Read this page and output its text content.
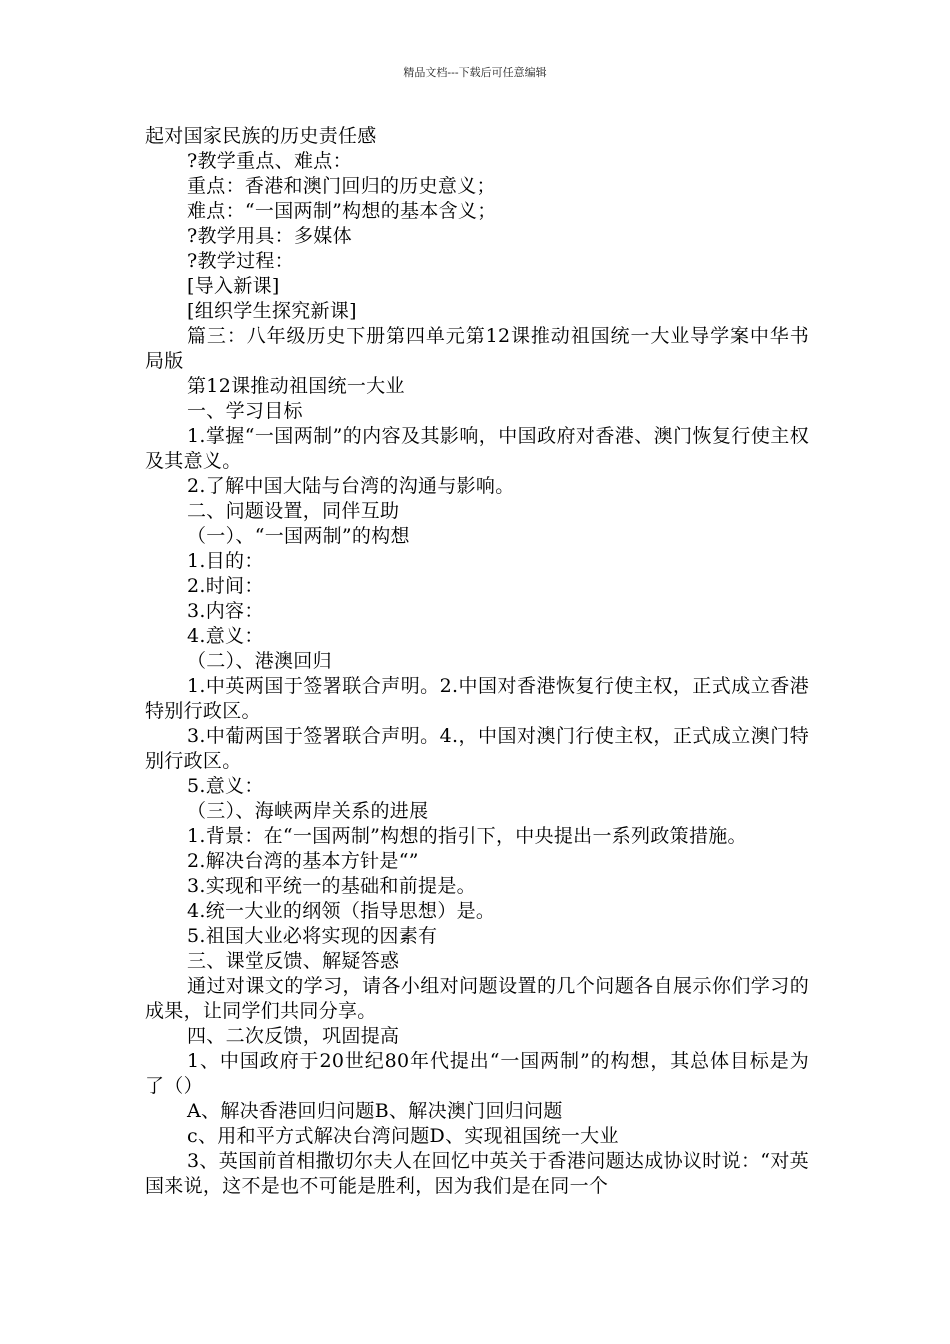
精品文档---下载后可任意编辑

起对国家民族的历史责任感

?教学重点、难点：

重点：香港和澳门回归的历史意义；

难点：“一国两制”构想的基本含义；

?教学用具：多媒体

?教学过程：

[导入新课]

[组织学生探究新课]

篇三：八年级历史下册第四单元第12课推动祖国统一大业导学案中华书局版

第12课推动祖国统一大业

一、学习目标

1.掌握“一国两制”的内容及其影响，中国政府对香港、澳门恢复行使主权及其意义。

2.了解中国大陆与台湾的沟通与影响。

二、问题设置，同伴互助

（一）、“一国两制”的构想

1.目的：

2.时间：

3.内容：

4.意义：

（二）、港澳回归

1.中英两国于签署联合声明。2.中国对香港恢复行使主权，正式成立香港特别行政区。

3.中葡两国于签署联合声明。4.，中国对澳门行使主权，正式成立澳门特别行政区。

5.意义：

（三）、海峡两岸关系的进展

1.背景：在“一国两制”构想的指引下，中央提出一系列政策措施。

2.解决台湾的基本方针是“”

3.实现和平统一的基础和前提是。

4.统一大业的纲领（指导思想）是。

5.祖国大业必将实现的因素有

三、课堂反馈、解疑答惑

通过对课文的学习，请各小组对问题设置的几个问题各自展示你们学习的成果，让同学们共同分享。

四、二次反馈，巩固提高

1、中国政府于20世纪80年代提出“一国两制”的构想，其总体目标是为了（）

A、解决香港回归问题B、解决澳门回归问题

c、用和平方式解决台湾问题D、实现祖国统一大业

3、英国前首相撒切尔夫人在回忆中英关于香港问题达成协议时说：“对英国来说，这不是也不可能是胜利，因为我们是在同一个
